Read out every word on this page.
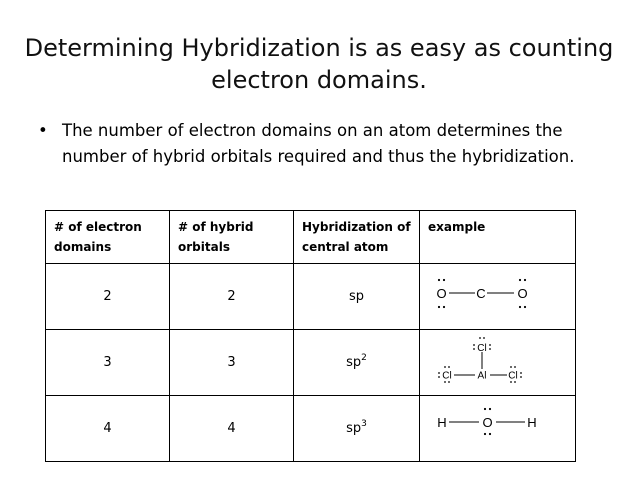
Determining Hybridization is as easy as counting
electron domains.
• The number of electron domains on an atom determines the number of hybrid orbitals required and thus the hybridization.
# of electron domains	# of hybrid orbitals	Hybridization of central atom	example
2	2	sp	O C O

3	3	$sp^2$	Cl
Cl Al Cl

4	4	$sp^3$	H O H
